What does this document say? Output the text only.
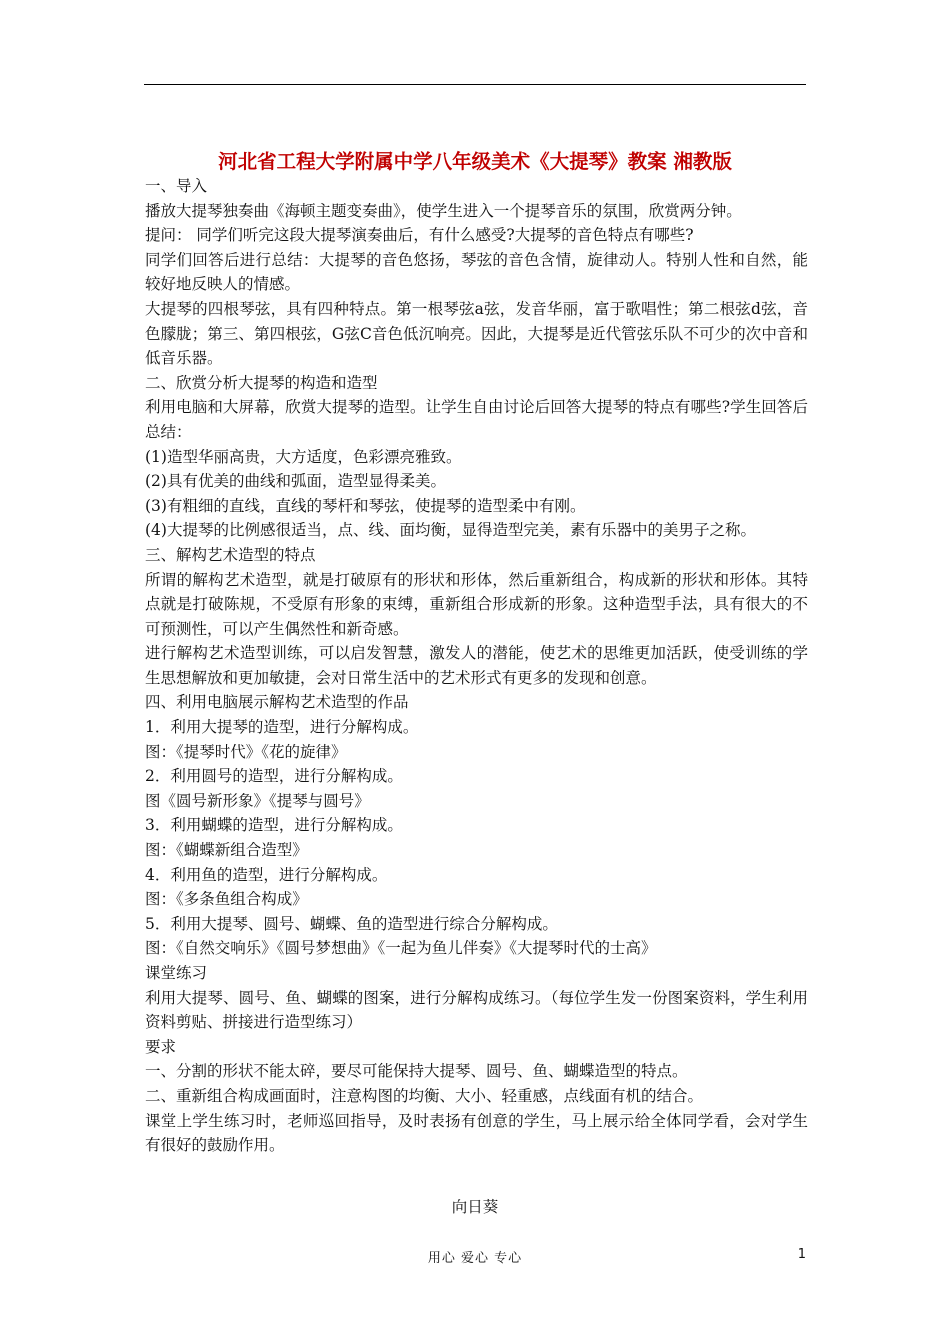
河北省工程大学附属中学八年级美术《大提琴》教案 湘教版

一、导入

播放大提琴独奏曲《海顿主题变奏曲》，使学生进入一个提琴音乐的氛围，欣赏两分钟。

提问： 同学们听完这段大提琴演奏曲后，有什么感受?大提琴的音色特点有哪些?

同学们回答后进行总结：大提琴的音色悠扬，琴弦的音色含情，旋律动人。特别人性和自然，能较好地反映人的情感。

大提琴的四根琴弦，具有四种特点。第一根琴弦a弦，发音华丽，富于歌唱性；第二根弦d弦，音色朦胧；第三、第四根弦，G弦C音色低沉响亮。因此，大提琴是近代管弦乐队不可少的次中音和低音乐器。

二、欣赏分析大提琴的构造和造型

利用电脑和大屏幕，欣赏大提琴的造型。让学生自由讨论后回答大提琴的特点有哪些?学生回答后总结：

(1)造型华丽高贵，大方适度，色彩漂亮雅致。

(2)具有优美的曲线和弧面，造型显得柔美。

(3)有粗细的直线，直线的琴杆和琴弦，使提琴的造型柔中有刚。

(4)大提琴的比例感很适当，点、线、面均衡，显得造型完美，素有乐器中的美男子之称。

三、解构艺术造型的特点

所谓的解构艺术造型，就是打破原有的形状和形体，然后重新组合，构成新的形状和形体。其特点就是打破陈规，不受原有形象的束缚，重新组合形成新的形象。这种造型手法，具有很大的不可预测性，可以产生偶然性和新奇感。

进行解构艺术造型训练，可以启发智慧，激发人的潜能，使艺术的思维更加活跃，使受训练的学生思想解放和更加敏捷，会对日常生活中的艺术形式有更多的发现和创意。

四、利用电脑展示解构艺术造型的作品

1．利用大提琴的造型，进行分解构成。

图：《提琴时代》《花的旋律》

2．利用圆号的造型，进行分解构成。

图《圆号新形象》《提琴与圆号》

3．利用蝴蝶的造型，进行分解构成。

图：《蝴蝶新组合造型》

4．利用鱼的造型，进行分解构成。

图：《多条鱼组合构成》

5．利用大提琴、圆号、蝴蝶、鱼的造型进行综合分解构成。

图：《自然交响乐》《圆号梦想曲》《一起为鱼儿伴奏》《大提琴时代的士高》

课堂练习

利用大提琴、圆号、鱼、蝴蝶的图案，进行分解构成练习。（每位学生发一份图案资料，学生利用资料剪贴、拼接进行造型练习）

要求

一、分割的形状不能太碎，要尽可能保持大提琴、圆号、鱼、蝴蝶造型的特点。

二、重新组合构成画面时，注意构图的均衡、大小、轻重感，点线面有机的结合。

课堂上学生练习时，老师巡回指导，及时表扬有创意的学生，马上展示给全体同学看，会对学生有很好的鼓励作用。

向日葵
用心 爱心 专心	1
